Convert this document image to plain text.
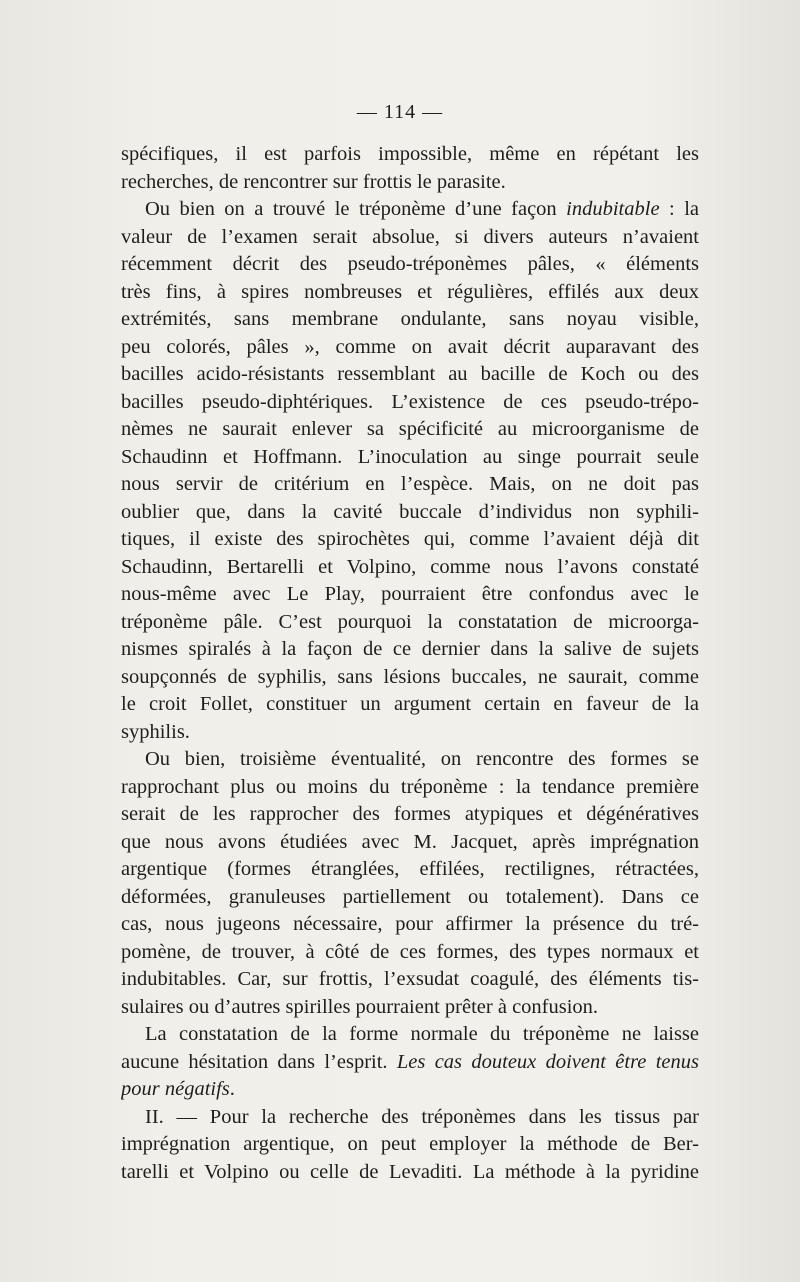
— 114 —
spécifiques, il est parfois impossible, même en répétant les
recherches, de rencontrer sur frottis le parasite.
Ou bien on a trouvé le tréponème d’une façon indubitable : la
valeur de l’examen serait absolue, si divers auteurs n’avaient
récemment décrit des pseudo-tréponèmes pâles, « éléments
très fins, à spires nombreuses et régulières, effilés aux deux
extrémités, sans membrane ondulante, sans noyau visible,
peu colorés, pâles », comme on avait décrit auparavant des
bacilles acido-résistants ressemblant au bacille de Koch ou des
bacilles pseudo-diphtériques. L’existence de ces pseudo-trépo-
nèmes ne saurait enlever sa spécificité au microorganisme de
Schaudinn et Hoffmann. L’inoculation au singe pourrait seule
nous servir de critérium en l’espèce. Mais, on ne doit pas
oublier que, dans la cavité buccale d’individus non syphili-
tiques, il existe des spirochètes qui, comme l’avaient déjà dit
Schaudinn, Bertarelli et Volpino, comme nous l’avons constaté
nous-même avec Le Play, pourraient être confondus avec le
tréponème pâle. C’est pourquoi la constatation de microorga-
nismes spiralés à la façon de ce dernier dans la salive de sujets
soupçonnés de syphilis, sans lésions buccales, ne saurait, comme
le croit Follet, constituer un argument certain en faveur de la
syphilis.
Ou bien, troisième éventualité, on rencontre des formes se
rapprochant plus ou moins du tréponème : la tendance première
serait de les rapprocher des formes atypiques et dégénératives
que nous avons étudiées avec M. Jacquet, après imprégnation
argentique (formes étranglées, effilées, rectilignes, rétractées,
déformées, granuleuses partiellement ou totalement). Dans ce
cas, nous jugeons nécessaire, pour affirmer la présence du tré-
pomène, de trouver, à côté de ces formes, des types normaux et
indubitables. Car, sur frottis, l’exsudat coagulé, des éléments tis-
sulaires ou d’autres spirilles pourraient prêter à confusion.
La constatation de la forme normale du tréponème ne laisse
aucune hésitation dans l’esprit. Les cas douteux doivent être tenus
pour négatifs.
II. — Pour la recherche des tréponèmes dans les tissus par
imprégnation argentique, on peut employer la méthode de Ber-
tarelli et Volpino ou celle de Levaditi. La méthode à la pyridine
